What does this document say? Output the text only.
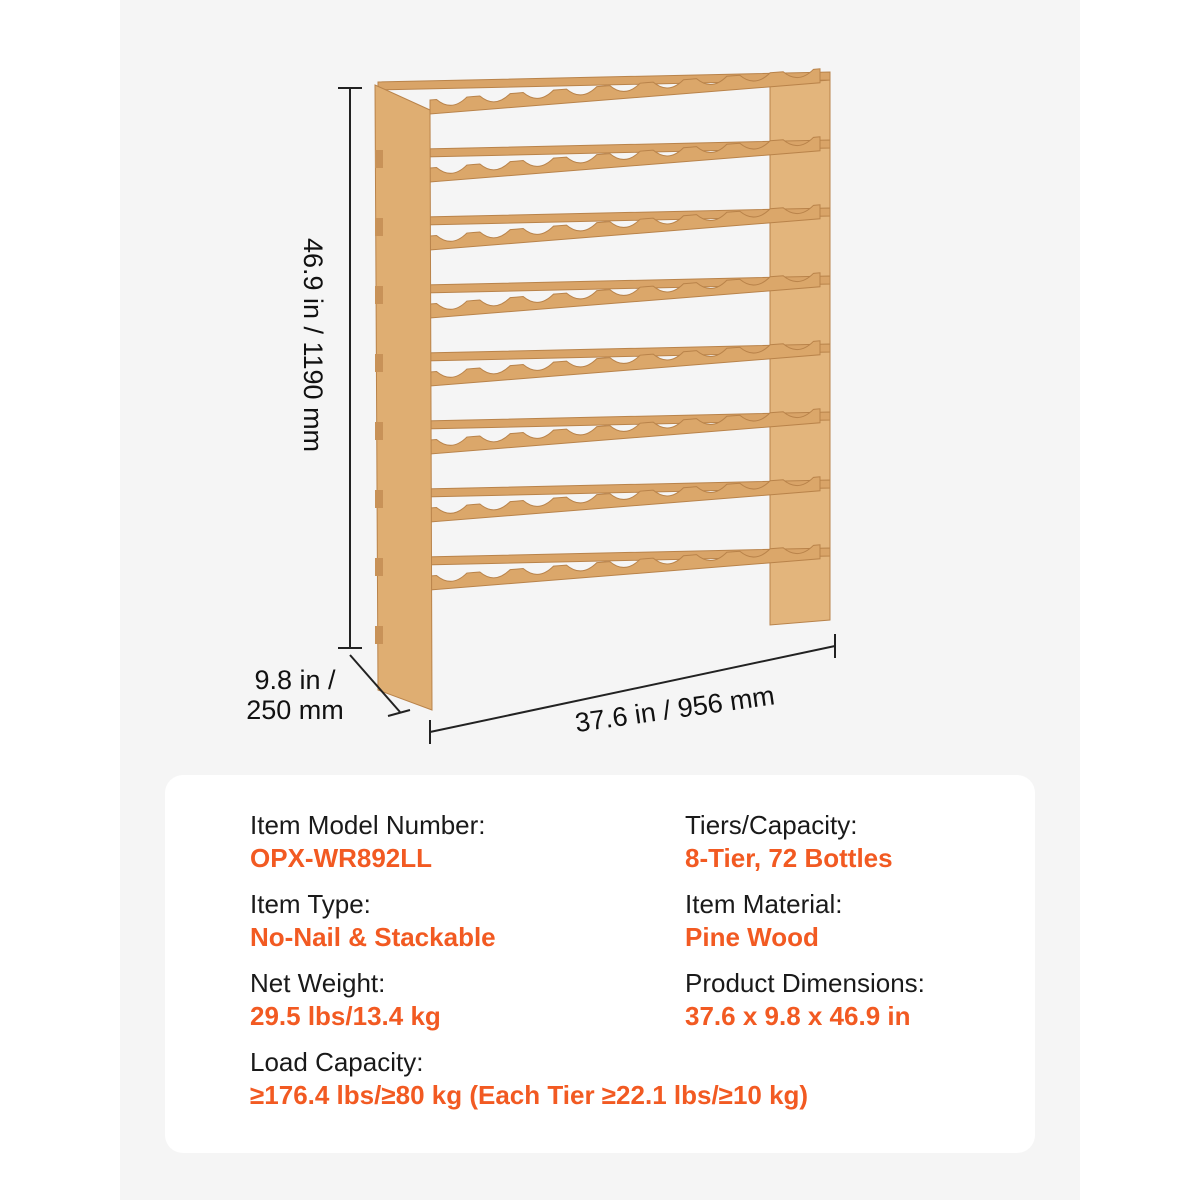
46.9 in / 1190 mm
9.8 in /
250 mm	37.6 in / 956 mm
Item Model Number:
OPX-WR892LL
Tiers/Capacity:
8-Tier, 72 Bottles
Item Type:
No-Nail & Stackable
Item Material:
Pine Wood
Net Weight:
29.5 lbs/13.4 kg
Product Dimensions:
37.6 x 9.8 x 46.9 in
Load Capacity:
≥176.4 lbs/≥80 kg (Each Tier ≥22.1 lbs/≥10 kg)
